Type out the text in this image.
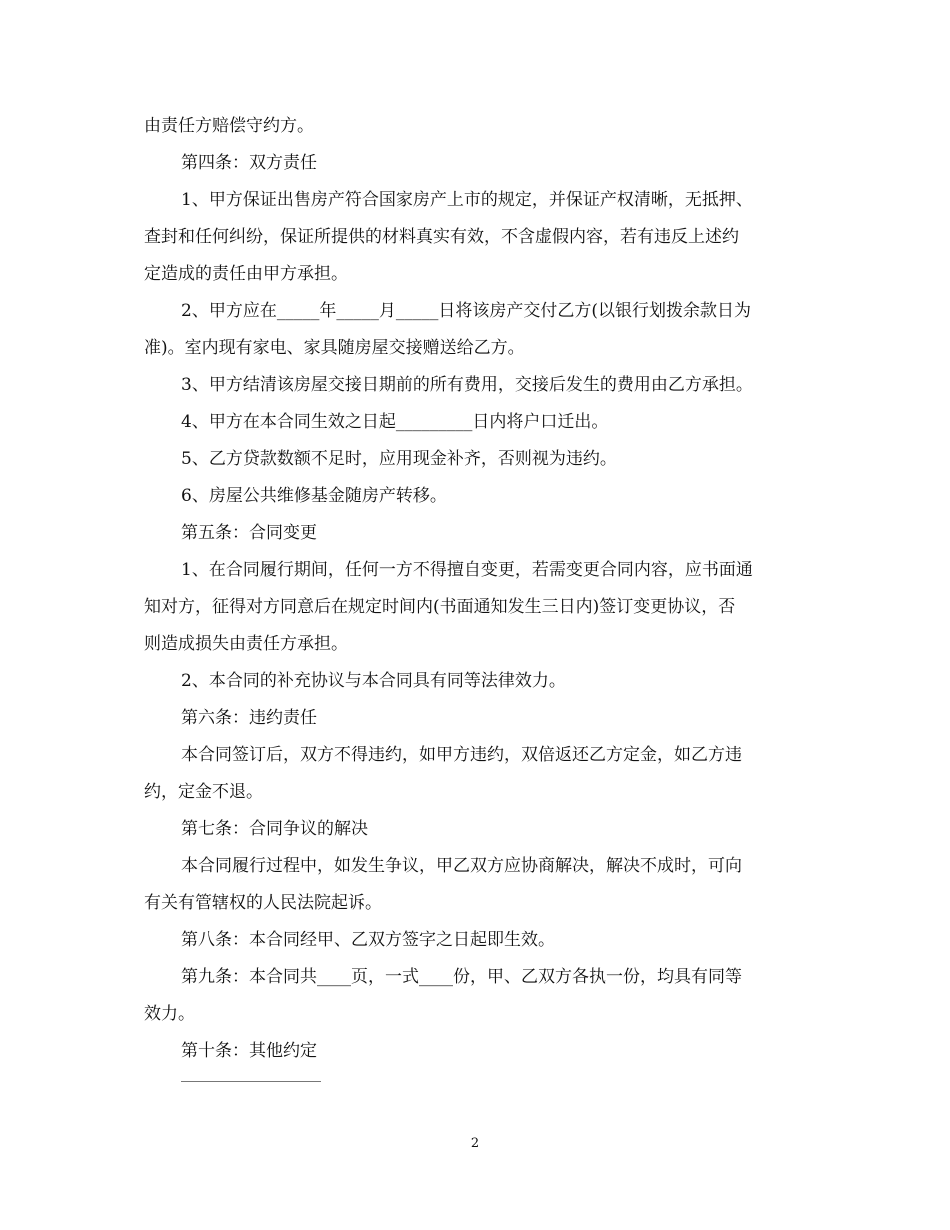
由责任方赔偿守约方。
第四条：双方责任
1、甲方保证出售房产符合国家房产上市的规定，并保证产权清晰，无抵押、
查封和任何纠纷，保证所提供的材料真实有效，不含虚假内容，若有违反上述约
定造成的责任由甲方承担。
2、甲方应在_____年_____月_____日将该房产交付乙方(以银行划拨余款日为
准)。室内现有家电、家具随房屋交接赠送给乙方。
3、甲方结清该房屋交接日期前的所有费用，交接后发生的费用由乙方承担。
4、甲方在本合同生效之日起_________日内将户口迁出。
5、乙方贷款数额不足时，应用现金补齐，否则视为违约。
6、房屋公共维修基金随房产转移。
第五条：合同变更
1、在合同履行期间，任何一方不得擅自变更，若需变更合同内容，应书面通
知对方，征得对方同意后在规定时间内(书面通知发生三日内)签订变更协议，否
则造成损失由责任方承担。
2、本合同的补充协议与本合同具有同等法律效力。
第六条：违约责任
本合同签订后，双方不得违约，如甲方违约，双倍返还乙方定金，如乙方违
约，定金不退。
第七条：合同争议的解决
本合同履行过程中，如发生争议，甲乙双方应协商解决，解决不成时，可向
有关有管辖权的人民法院起诉。
第八条：本合同经甲、乙双方签字之日起即生效。
第九条：本合同共____页，一式____份，甲、乙双方各执一份，均具有同等
效力。
第十条：其他约定
2
